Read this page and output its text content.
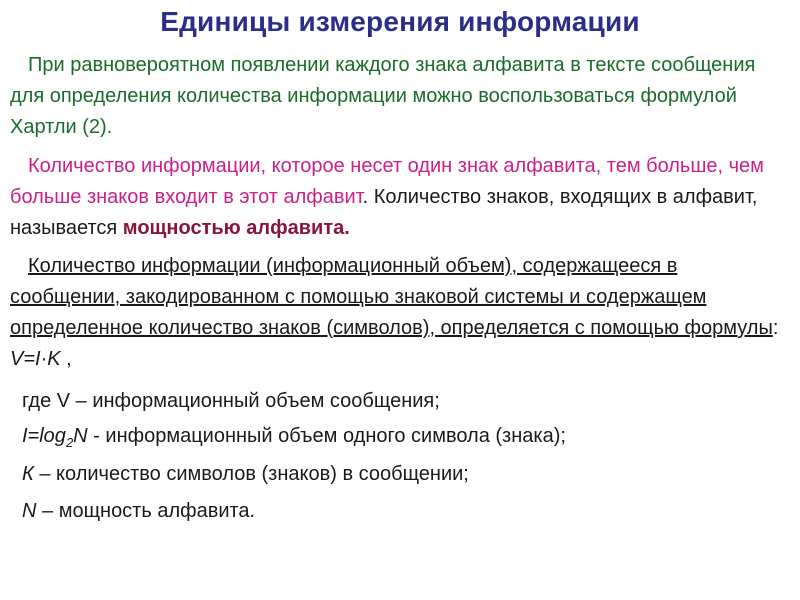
Единицы измерения информации
При равновероятном появлении каждого знака алфавита в тексте сообщения для определения количества информации можно воспользоваться формулой Хартли (2).
Количество информации, которое несет один знак алфавита, тем больше, чем больше знаков входит в этот алфавит. Количество знаков, входящих в алфавит, называется мощностью алфавита.
Количество информации (информационный объем), содержащееся в сообщении, закодированном с помощью знаковой системы и содержащем определенное количество знаков (символов), определяется с помощью формулы: V=I·K ,
где V – информационный объем сообщения;
$I=\log_2N$ - информационный объем одного символа (знака);
К – количество символов (знаков) в сообщении;
N – мощность алфавита.
